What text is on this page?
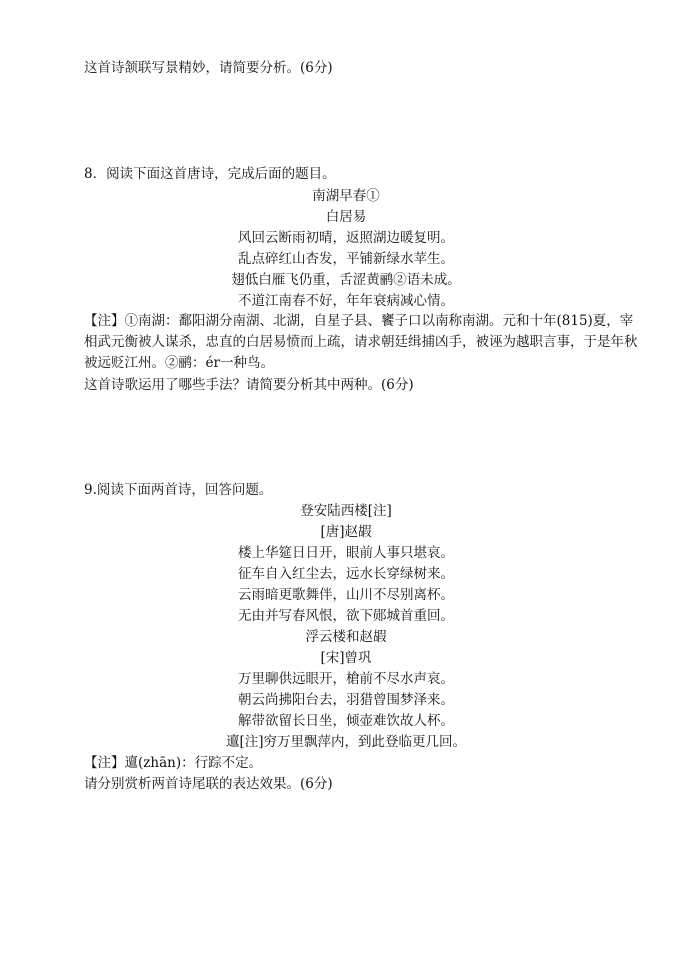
这首诗颔联写景精妙，请简要分析。(6分)
8．阅读下面这首唐诗，完成后面的题目。
南湖早春①
白居易
风回云断雨初晴，返照湖边暖复明。
乱点碎红山杏发，平铺新绿水苹生。
翅低白雁飞仍重，舌涩黄鹂②语未成。
不道江南春不好，年年衰病减心情。
【注】①南湖：鄱阳湖分南湖、北湖，自星子县、饔子口以南称南湖。元和十年(815)夏，宰相武元衡被人谋杀，忠直的白居易愤而上疏，请求朝廷缉捕凶手，被诬为越职言事，于是年秋被远贬江州。②鹂：ér一种鸟。
这首诗歌运用了哪些手法？请简要分析其中两种。(6分)
9.阅读下面两首诗，回答问题。
登安陆西楼[注]
[唐]赵嘏
楼上华筵日日开，眼前人事只堪哀。
征车自入红尘去，远水长穿绿树来。
云雨暗更歌舞伴，山川不尽别离杯。
无由并写春风恨，欲下郧城首重回。
浮云楼和赵嘏
[宋]曾巩
万里聊供远眼开，槍前不尽水声哀。
朝云尚拂阳台去，羽猎曾围梦泽来。
解带欲留长日坐，倾壶难饮故人杯。
邅[注]穷万里飘萍内，到此登临更几回。
【注】邅(zhān)：行踪不定。
请分别赏析两首诗尾联的表达效果。(6分)
